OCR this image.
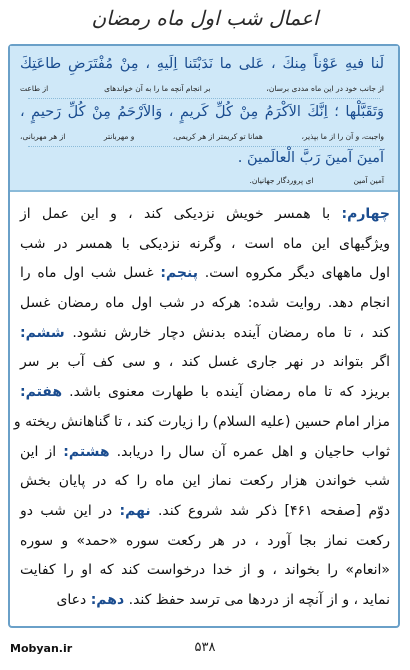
اعمال شب اول ماه رمضان
لَنا فیهِ عَوْناً مِنكَ ، عَلى ما نَدَبْتَنا اِلَیهِ ، مِنْ مُفْتَرَضِ طاعَتِكَ
از جانب خود در این ماه مددی برسان،
بر انجام آنچه ما را به آن خواندهای
از طاعت
وَتَقَبَّلْها ؛ اِنَّكَ الاَكْرَمُ مِنْ كُلِّ كَریمٍ ، وَالاَرْحَمُ مِنْ كُلِّ رَحیمٍ ،
واجبت، و آن را از ما بپذیر،
همانا تو کریمتر از هر کریمی،
و مهربانتر
از هر مهربانی،
آمینَ آمینَ رَبَّ الْعالَمینَ .
آمین آمین
ای پروردگار جهانیان.
چهارم: با همسر خویش نزدیکی کند ، و این عمل از
ویژگیهای این ماه است ، وگرنه نزدیکی با همسر در شب
اول ماههای دیگر مکروه است. پنجم: غسل شب اول ماه را
انجام دهد. روایت شده: هرکه در شب اول ماه رمضان غسل
کند ، تا ماه رمضان آینده بدنش دچار خارش نشود. ششم:
اگر بتواند در نهر جاری غسل کند ، و سی کف آب بر سر
بریزد که تا ماه رمضان آینده با طهارت معنوی باشد. هفتم:
مزار امام حسین (علیه السلام) را زیارت کند ، تا گناهانش ریخته و
ثواب حاجیان و اهل عمره آن سال را دریابد. هشتم: از این
شب خواندن هزار رکعت نماز این ماه را که در پایان بخش
دوّم [صفحه ۴۶۱] ذکر شد شروع کند. نهم: در این شب دو
رکعت نماز بجا آورد ، در هر رکعت سوره «حمد» و سوره
«انعام» را بخواند ، و از خدا درخواست کند که او را کفایت
نماید ، و از آنچه از دردها می ترسد حفظ کند. دهم: دعای
Mobyan.ir	۵۳۸
